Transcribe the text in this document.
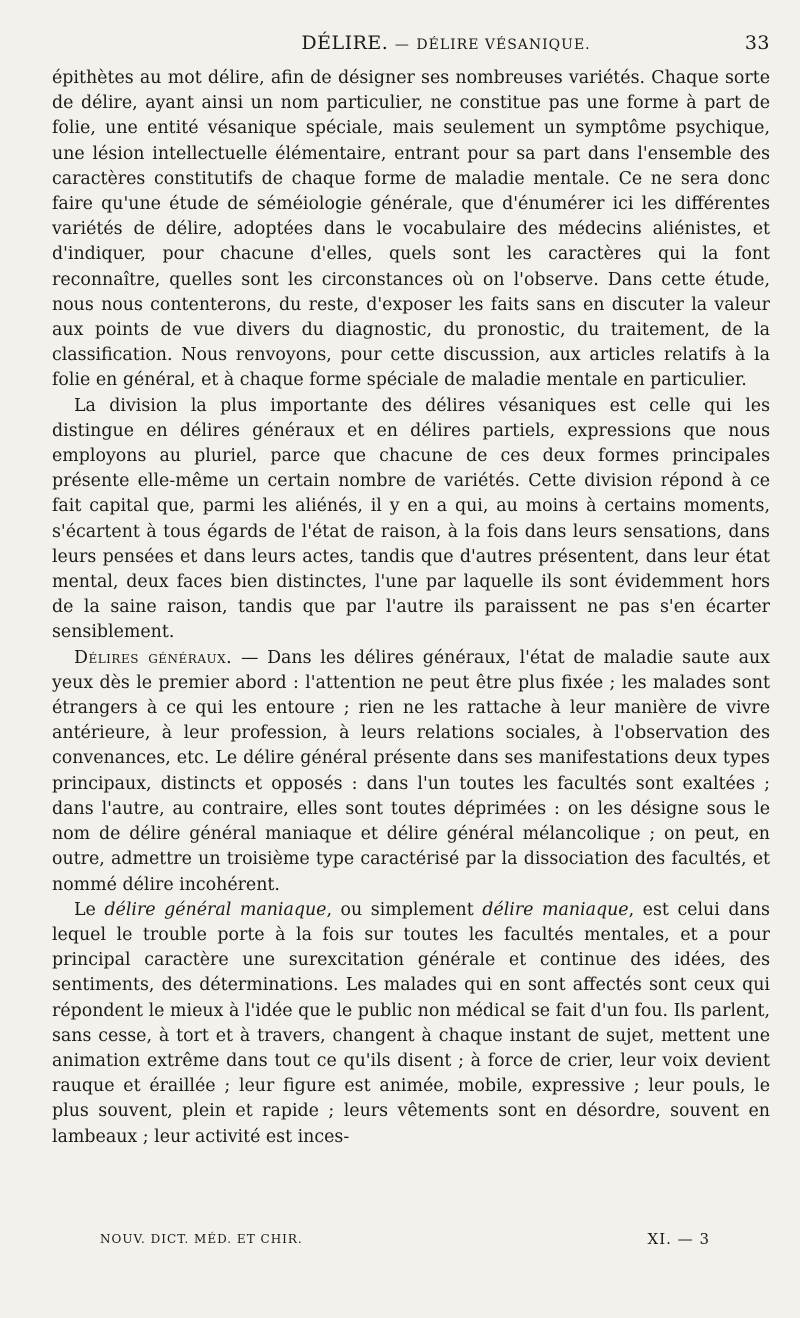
DÉLIRE. — DÉLIRE VÉSANIQUE.	33

épithètes au mot délire, afin de désigner ses nombreuses variétés. Chaque sorte de délire, ayant ainsi un nom particulier, ne constitue pas une forme à part de folie, une entité vésanique spéciale, mais seulement un symptôme psychique, une lésion intellectuelle élémentaire, entrant pour sa part dans l'ensemble des caractères constitutifs de chaque forme de maladie mentale. Ce ne sera donc faire qu'une étude de séméiologie générale, que d'énumérer ici les différentes variétés de délire, adoptées dans le vocabulaire des médecins aliénistes, et d'indiquer, pour chacune d'elles, quels sont les caractères qui la font reconnaître, quelles sont les circonstances où on l'observe. Dans cette étude, nous nous contenterons, du reste, d'exposer les faits sans en discuter la valeur aux points de vue divers du diagnostic, du pronostic, du traitement, de la classification. Nous renvoyons, pour cette discussion, aux articles relatifs à la folie en général, et à chaque forme spéciale de maladie mentale en particulier.

La division la plus importante des délires vésaniques est celle qui les distingue en délires généraux et en délires partiels, expressions que nous employons au pluriel, parce que chacune de ces deux formes principales présente elle-même un certain nombre de variétés. Cette division répond à ce fait capital que, parmi les aliénés, il y en a qui, au moins à certains moments, s'écartent à tous égards de l'état de raison, à la fois dans leurs sensations, dans leurs pensées et dans leurs actes, tandis que d'autres présentent, dans leur état mental, deux faces bien distinctes, l'une par laquelle ils sont évidemment hors de la saine raison, tandis que par l'autre ils paraissent ne pas s'en écarter sensiblement.

Délires généraux. — Dans les délires généraux, l'état de maladie saute aux yeux dès le premier abord : l'attention ne peut être plus fixée ; les malades sont étrangers à ce qui les entoure ; rien ne les rattache à leur manière de vivre antérieure, à leur profession, à leurs relations sociales, à l'observation des convenances, etc. Le délire général présente dans ses manifestations deux types principaux, distincts et opposés : dans l'un toutes les facultés sont exaltées ; dans l'autre, au contraire, elles sont toutes déprimées : on les désigne sous le nom de délire général maniaque et délire général mélancolique ; on peut, en outre, admettre un troisième type caractérisé par la dissociation des facultés, et nommé délire incohérent.

Le délire général maniaque, ou simplement délire maniaque, est celui dans lequel le trouble porte à la fois sur toutes les facultés mentales, et a pour principal caractère une surexcitation générale et continue des idées, des sentiments, des déterminations. Les malades qui en sont affectés sont ceux qui répondent le mieux à l'idée que le public non médical se fait d'un fou. Ils parlent, sans cesse, à tort et à travers, changent à chaque instant de sujet, mettent une animation extrême dans tout ce qu'ils disent ; à force de crier, leur voix devient rauque et éraillée ; leur figure est animée, mobile, expressive ; leur pouls, le plus souvent, plein et rapide ; leurs vêtements sont en désordre, souvent en lambeaux ; leur activité est inces-

NOUV. DICT. MÉD. ET CHIR.	XI. — 3
